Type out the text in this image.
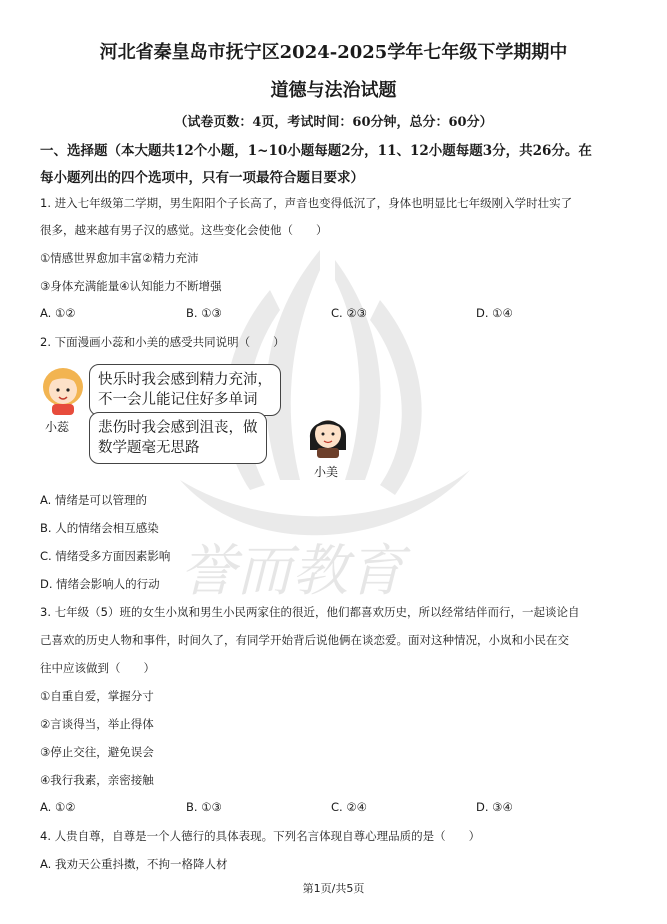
誉而教育
河北省秦皇岛市抚宁区2024-2025学年七年级下学期期中
道德与法治试题
（试卷页数：4页，考试时间：60分钟，总分：60分）
一、选择题（本大题共12个小题，1~10小题每题2分，11、12小题每题3分，共26分。在
每小题列出的四个选项中，只有一项最符合题目要求）
1. 进入七年级第二学期，男生阳阳个子长高了，声音也变得低沉了，身体也明显比七年级刚入学时壮实了
很多，越来越有男子汉的感觉。这些变化会使他（　　）
①情感世界愈加丰富②精力充沛
③身体充满能量④认知能力不断增强
A. ①②	B. ①③	C. ②③	D. ①④
2. 下面漫画小蕊和小美的感受共同说明（　　）
小蕊
快乐时我会感到精力充沛，
不一会儿能记住好多单词
悲伤时我会感到沮丧，做
数学题毫无思路
小美
A. 情绪是可以管理的
B. 人的情绪会相互感染
C. 情绪受多方面因素影响
D. 情绪会影响人的行动
3. 七年级（5）班的女生小岚和男生小民两家住的很近，他们都喜欢历史，所以经常结伴而行，一起谈论自
己喜欢的历史人物和事件，时间久了，有同学开始背后说他俩在谈恋爱。面对这种情况，小岚和小民在交
往中应该做到（　　）
①自重自爱，掌握分寸
②言谈得当，举止得体
③停止交往，避免误会
④我行我素，亲密接触
A. ①②	B. ①③	C. ②④	D. ③④
4. 人贵自尊，自尊是一个人德行的具体表现。下列名言体现自尊心理品质的是（　　）
A. 我劝天公重抖擞，不拘一格降人材
第1页/共5页
